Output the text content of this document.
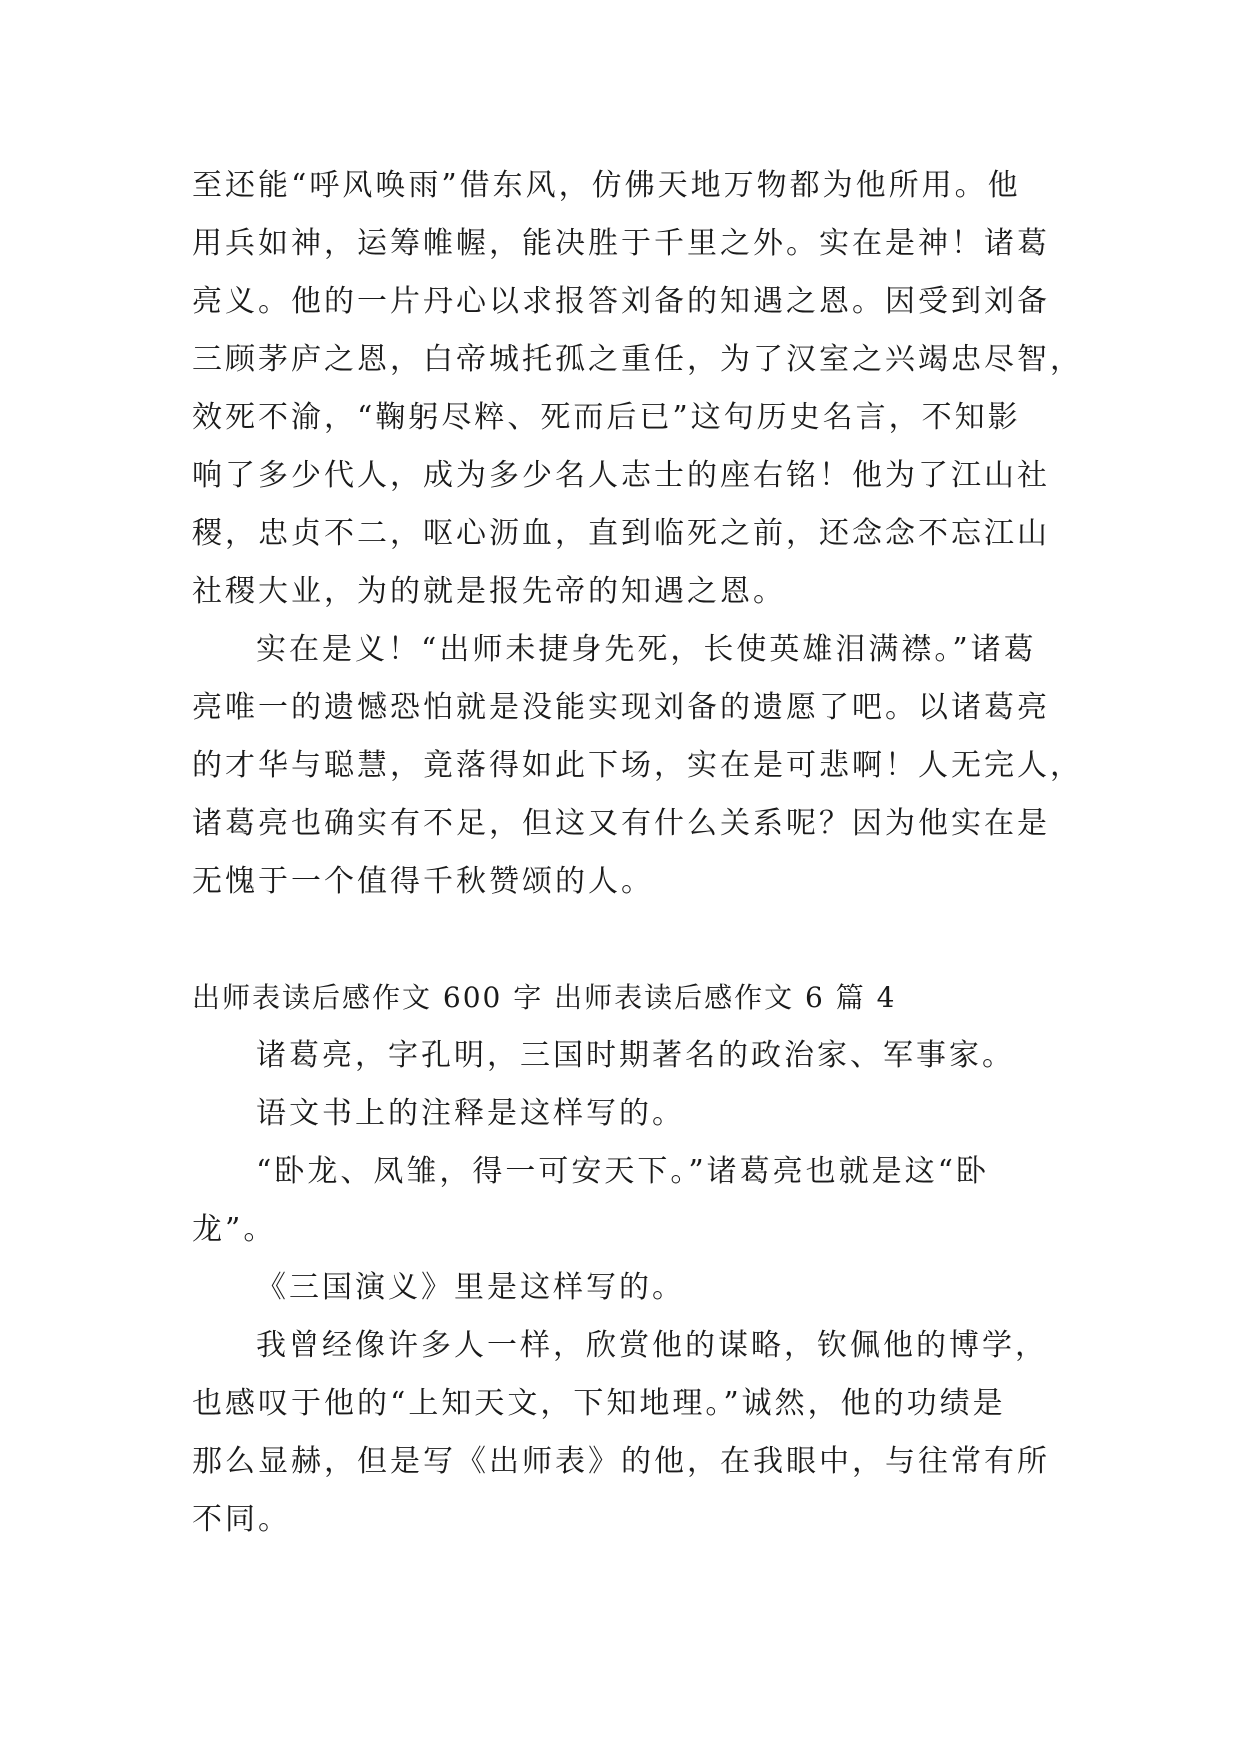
至还能“呼风唤雨”借东风，仿佛天地万物都为他所用。他
用兵如神，运筹帷幄，能决胜于千里之外。实在是神！诸葛
亮义。他的一片丹心以求报答刘备的知遇之恩。因受到刘备
三顾茅庐之恩，白帝城托孤之重任，为了汉室之兴竭忠尽智，
效死不渝，“鞠躬尽粹、死而后已”这句历史名言，不知影
响了多少代人，成为多少名人志士的座右铭！他为了江山社
稷，忠贞不二，呕心沥血，直到临死之前，还念念不忘江山
社稷大业，为的就是报先帝的知遇之恩。
实在是义！“出师未捷身先死，长使英雄泪满襟。”诸葛
亮唯一的遗憾恐怕就是没能实现刘备的遗愿了吧。以诸葛亮
的才华与聪慧，竟落得如此下场，实在是可悲啊！人无完人，
诸葛亮也确实有不足，但这又有什么关系呢？因为他实在是
无愧于一个值得千秋赞颂的人。
出师表读后感作文 600 字 出师表读后感作文 6 篇 4
诸葛亮，字孔明，三国时期著名的政治家、军事家。
语文书上的注释是这样写的。
“卧龙、凤雏，得一可安天下。”诸葛亮也就是这“卧
龙”。
《三国演义》里是这样写的。
我曾经像许多人一样，欣赏他的谋略，钦佩他的博学，
也感叹于他的“上知天文，下知地理。”诚然，他的功绩是
那么显赫，但是写《出师表》的他，在我眼中，与往常有所
不同。
